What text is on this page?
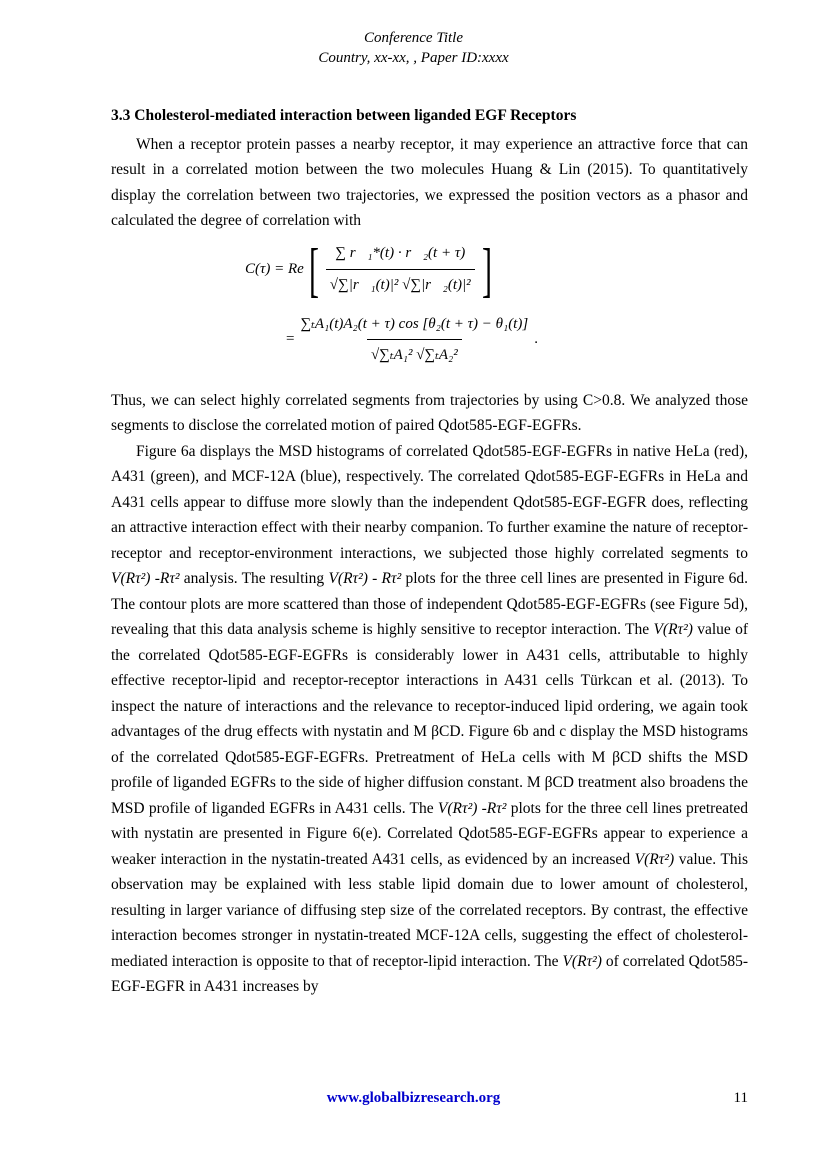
Conference Title
Country, xx-xx, , Paper ID:xxxx
3.3 Cholesterol-mediated interaction between liganded EGF Receptors

When a receptor protein passes a nearby receptor, it may experience an attractive force that can result in a correlated motion between the two molecules Huang & Lin (2015). To quantitatively display the correlation between two trajectories, we expressed the position vectors as a phasor and calculated the degree of correlation with

C(τ) = Re [ $\frac{\text{∑ r⃗₁*(t) · r⃗₂(t + τ)}}{\text{√∑|r⃗₁(t)|² √∑|r⃗₂(t)|²}}$ ]
= $\frac{\text{∑ₜA₁(t)A₂(t + τ) cos [θ₂(t + τ) − θ₁(t)]}}{\text{√∑ₜA₁² √∑ₜA₂²}}$ .

Thus, we can select highly correlated segments from trajectories by using C>0.8. We analyzed those segments to disclose the correlated motion of paired Qdot585-EGF-EGFRs.

Figure 6a displays the MSD histograms of correlated Qdot585-EGF-EGFRs in native HeLa (red), A431 (green), and MCF-12A (blue), respectively. The correlated Qdot585-EGF-EGFRs in HeLa and A431 cells appear to diffuse more slowly than the independent Qdot585-EGF-EGFR does, reflecting an attractive interaction effect with their nearby companion. To further examine the nature of receptor-receptor and receptor-environment interactions, we subjected those highly correlated segments to V(Rτ²) -Rτ² analysis. The resulting V(Rτ²) - Rτ² plots for the three cell lines are presented in Figure 6d. The contour plots are more scattered than those of independent Qdot585-EGF-EGFRs (see Figure 5d), revealing that this data analysis scheme is highly sensitive to receptor interaction. The V(Rτ²) value of the correlated Qdot585-EGF-EGFRs is considerably lower in A431 cells, attributable to highly effective receptor-lipid and receptor-receptor interactions in A431 cells Türkcan et al. (2013). To inspect the nature of interactions and the relevance to receptor-induced lipid ordering, we again took advantages of the drug effects with nystatin and M βCD. Figure 6b and c display the MSD histograms of the correlated Qdot585-EGF-EGFRs. Pretreatment of HeLa cells with M βCD shifts the MSD profile of liganded EGFRs to the side of higher diffusion constant. M βCD treatment also broadens the MSD profile of liganded EGFRs in A431 cells. The V(Rτ²) -Rτ² plots for the three cell lines pretreated with nystatin are presented in Figure 6(e). Correlated Qdot585-EGF-EGFRs appear to experience a weaker interaction in the nystatin-treated A431 cells, as evidenced by an increased V(Rτ²) value. This observation may be explained with less stable lipid domain due to lower amount of cholesterol, resulting in larger variance of diffusing step size of the correlated receptors. By contrast, the effective interaction becomes stronger in nystatin-treated MCF-12A cells, suggesting the effect of cholesterol-mediated interaction is opposite to that of receptor-lipid interaction. The V(Rτ²) of correlated Qdot585-EGF-EGFR in A431 increases by

www.globalbizresearch.org	11
